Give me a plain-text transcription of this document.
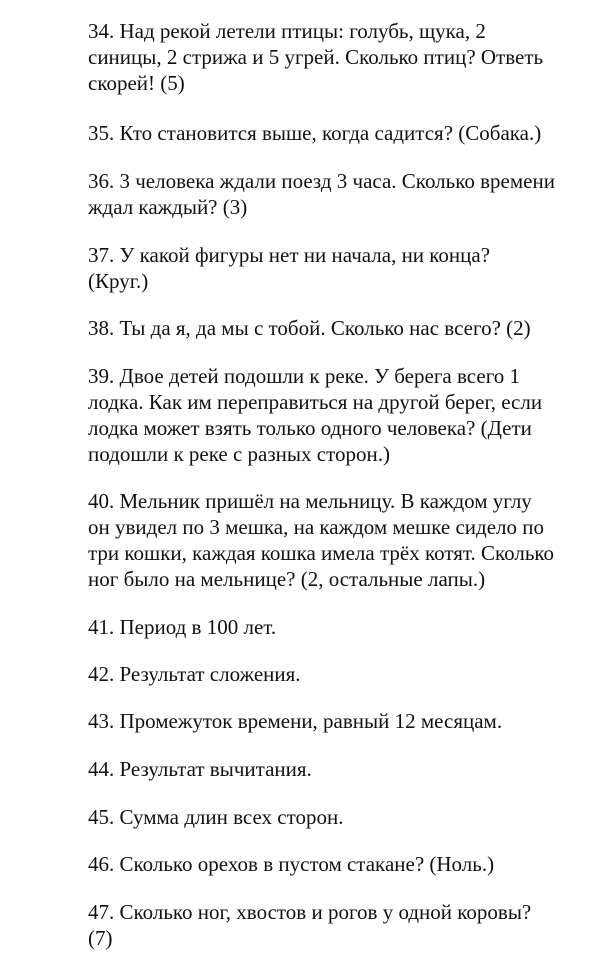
34. Над рекой летели птицы: голубь, щука, 2
синицы, 2 стрижа и 5 угрей. Сколько птиц? Ответь
скорей! (5)

35. Кто становится выше, когда садится? (Собака.)

36. 3 человека ждали поезд 3 часа. Сколько времени
ждал каждый? (3)

37. У какой фигуры нет ни начала, ни конца?
(Круг.)

38. Ты да я, да мы с тобой. Сколько нас всего? (2)

39. Двое детей подошли к реке. У берега всего 1
лодка. Как им переправиться на другой берег, если
лодка может взять только одного человека? (Дети
подошли к реке с разных сторон.)

40. Мельник пришёл на мельницу. В каждом углу
он увидел по 3 мешка, на каждом мешке сидело по
три кошки, каждая кошка имела трёх котят. Сколько
ног было на мельнице? (2, остальные лапы.)

41. Период в 100 лет.

42. Результат сложения.

43. Промежуток времени, равный 12 месяцам.

44. Результат вычитания.

45. Сумма длин всех сторон.

46. Сколько орехов в пустом стакане? (Ноль.)

47. Сколько ног, хвостов и рогов у одной коровы?
(7)
